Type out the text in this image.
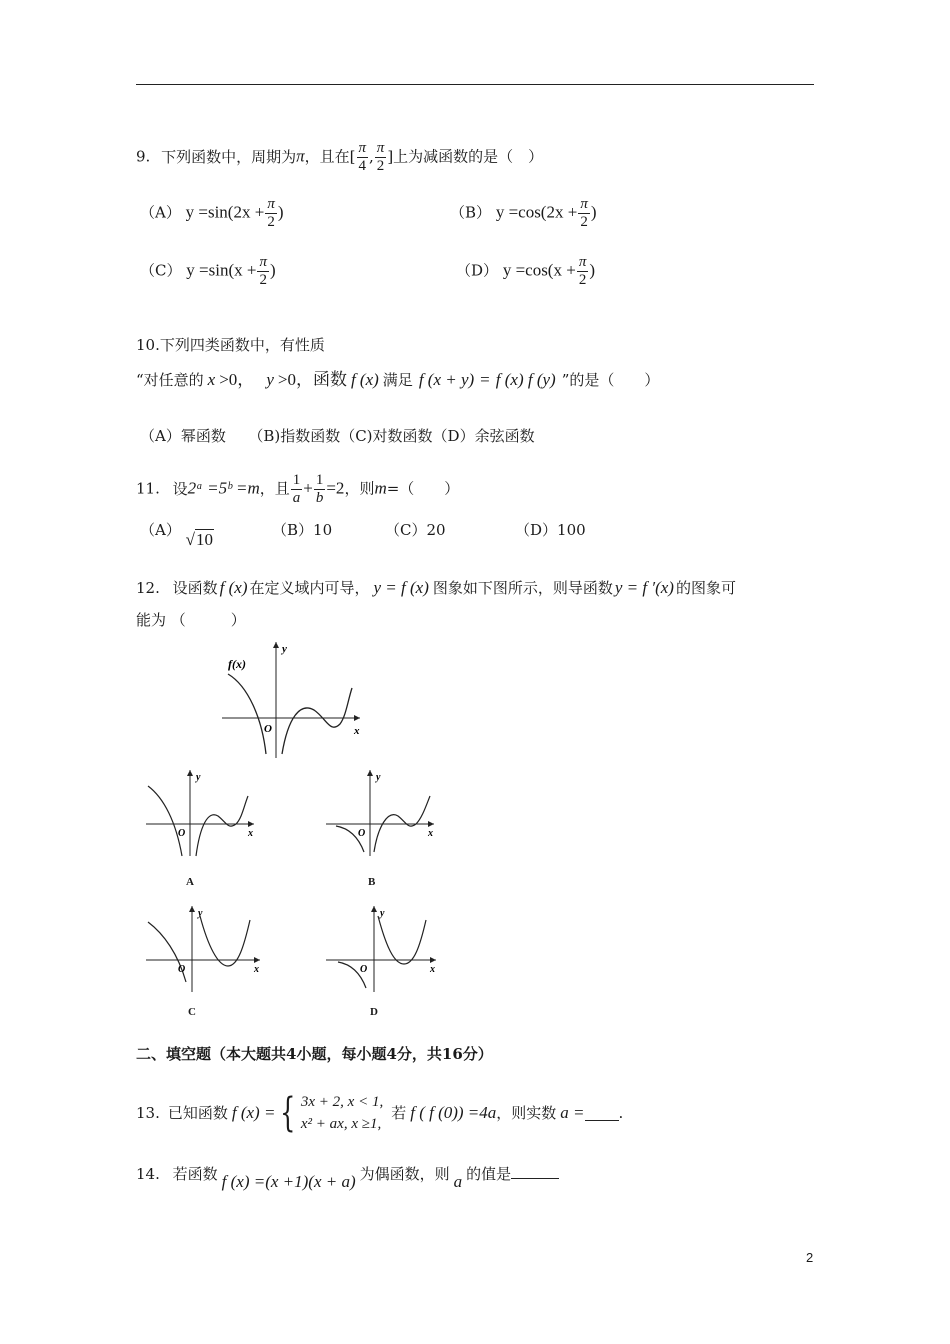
9. 下列函数中，周期为π，且在[ $\frac{\pi}{4}$ , $\frac{\pi}{2}$ ]上为减函数的是（　）
（A） $y =\sin(2x + \frac{\pi}{2}$ )	（B） $y =\cos(2x + \frac{\pi}{2}$ )
（C） $y =\sin(x + \frac{\pi}{2}$ )	（D） $y =\cos(x + \frac{\pi}{2}$ )
10.下列四类函数中，有性质
“对任意的 x >0， y >0，函数 f (x) 满足 f (x + y) = f (x) f (y) ”的是（　　）
（A）幂函数　　（B)指数函数（C)对数函数（D）余弦函数
11. 设2ᵃ =5ᵇ =m，且 $\frac{1}{a} + \frac{1}{b} =2$，则m=（　　）
（A） √10	（B）10	（C）20	（D）100
12. 设函数 f (x) 在定义域内可导， y = f (x) 图象如下图所示，则导函数 y = f ′(x) 的图象可
能为 （　　　）
f(x)
y
x
O
y
x
O
A
y
x
O
B
y
x
O
C
y
x
O
D
二、填空题（本大题共4小题，每小题4分，共16分）
13. 已知函数 f (x) = { 3x + 2, x < 1,
x² + ax, x ≥1,
若 f ( f (0)) =4a ，则实数 a = .
14. 若函数 f (x) =(x +1)(x + a) 为偶函数，则 a 的值是
2
